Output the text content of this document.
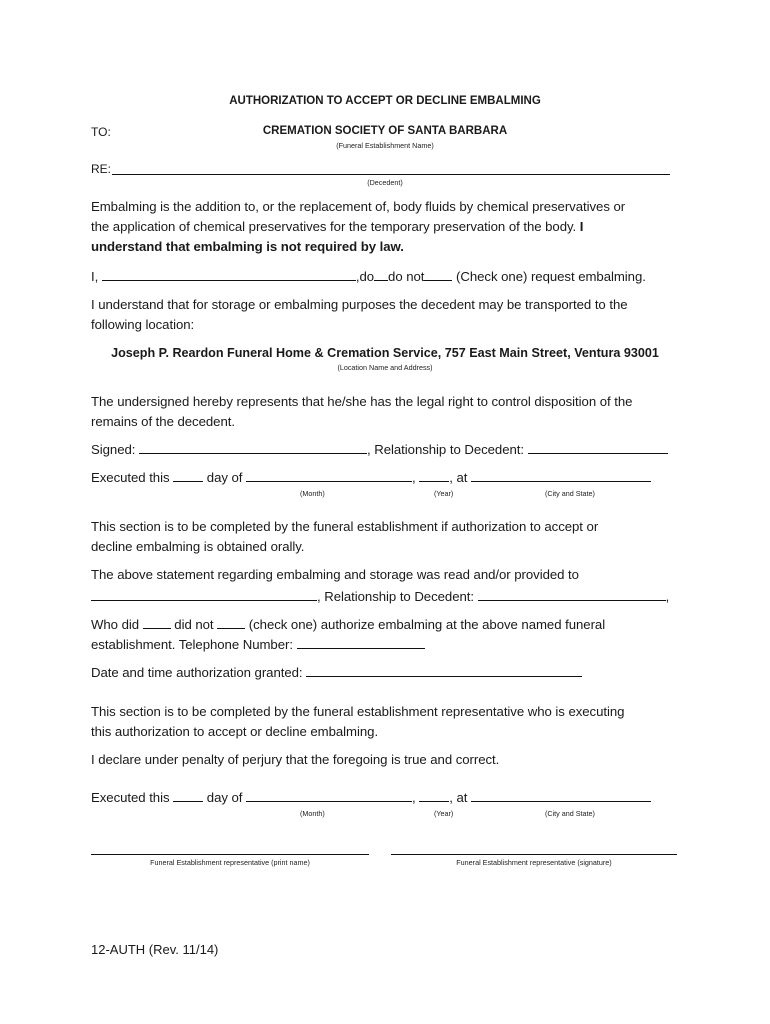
AUTHORIZATION TO ACCEPT OR DECLINE EMBALMING
TO:	CREMATION SOCIETY OF SANTA BARBARA
(Funeral Establishment Name)
RE:
(Decedent)
Embalming is the addition to, or the replacement of, body fluids by chemical preservatives or
the application of chemical preservatives for the temporary preservation of the body. I
understand that embalming is not required by law.
I,	,do do not (Check one) request embalming.
I understand that for storage or embalming purposes the decedent may be transported to the
following location:
Joseph P. Reardon Funeral Home & Cremation Service, 757 East Main Street, Ventura 93001
(Location Name and Address)
The undersigned hereby represents that he/she has the legal right to control disposition of the
remains of the decedent.
Signed:	, Relationship to Decedent:
Executed this	day of	, , at
(Month)	(Year)	(City and State)
This section is to be completed by the funeral establishment if authorization to accept or
decline embalming is obtained orally.
The above statement regarding embalming and storage was read and/or provided to
, Relationship to Decedent:	,
Who did	did not	(check one) authorize embalming at the above named funeral
establishment. Telephone Number:
Date and time authorization granted:
This section is to be completed by the funeral establishment representative who is executing
this authorization to accept or decline embalming.
I declare under penalty of perjury that the foregoing is true and correct.
Executed this	day of	, , at
(Month)	(Year)	(City and State)
Funeral Establishment representative (print name)	Funeral Establishment representative (signature)
12-AUTH (Rev. 11/14)
